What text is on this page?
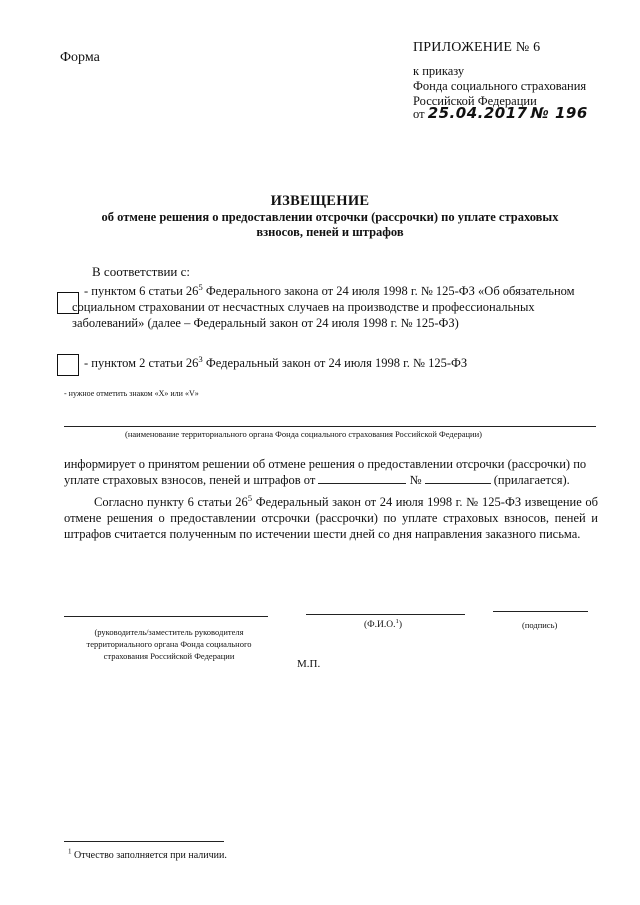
Форма
ПРИЛОЖЕНИЕ № 6
к приказу
Фонда социального страхования
Российской Федерации
от 25.04.2017 № 196
ИЗВЕЩЕНИЕ
об отмене решения о предоставлении отсрочки (рассрочки) по уплате страховых
взносов, пеней и штрафов
В соответствии с:
- пунктом 6 статьи $26^5$ Федерального закона от 24 июля 1998 г. № 125-ФЗ «Об обязательном
социальном страховании от несчастных случаев на производстве и профессиональных
заболеваний» (далее – Федеральный закон от 24 июля 1998 г. № 125-ФЗ)
- пунктом 2 статьи $26^3$ Федеральный закон от 24 июля 1998 г. № 125-ФЗ
- нужное отметить знаком «Х» или «V»
(наименование территориального органа Фонда социального страхования Российской Федерации)
информирует о принятом решении об отмене решения о предоставлении отсрочки (рассрочки) по
уплате страховых взносов, пеней и штрафов от	№	(прилагается).
Согласно пункту 6 статьи $26^5$ Федеральный закон от 24 июля 1998 г. № 125-ФЗ извещение об отмене решения о предоставлении отсрочки (рассрочки) по уплате страховых взносов, пеней и штрафов считается полученным по истечении шести дней со дня направления заказного письма.
(руководитель/заместитель руководителя территориального органа Фонда социального страхования Российской Федерации
(Ф.И.О.$^1$)	(подпись)
М.П.
$^1$ Отчество заполняется при наличии.
